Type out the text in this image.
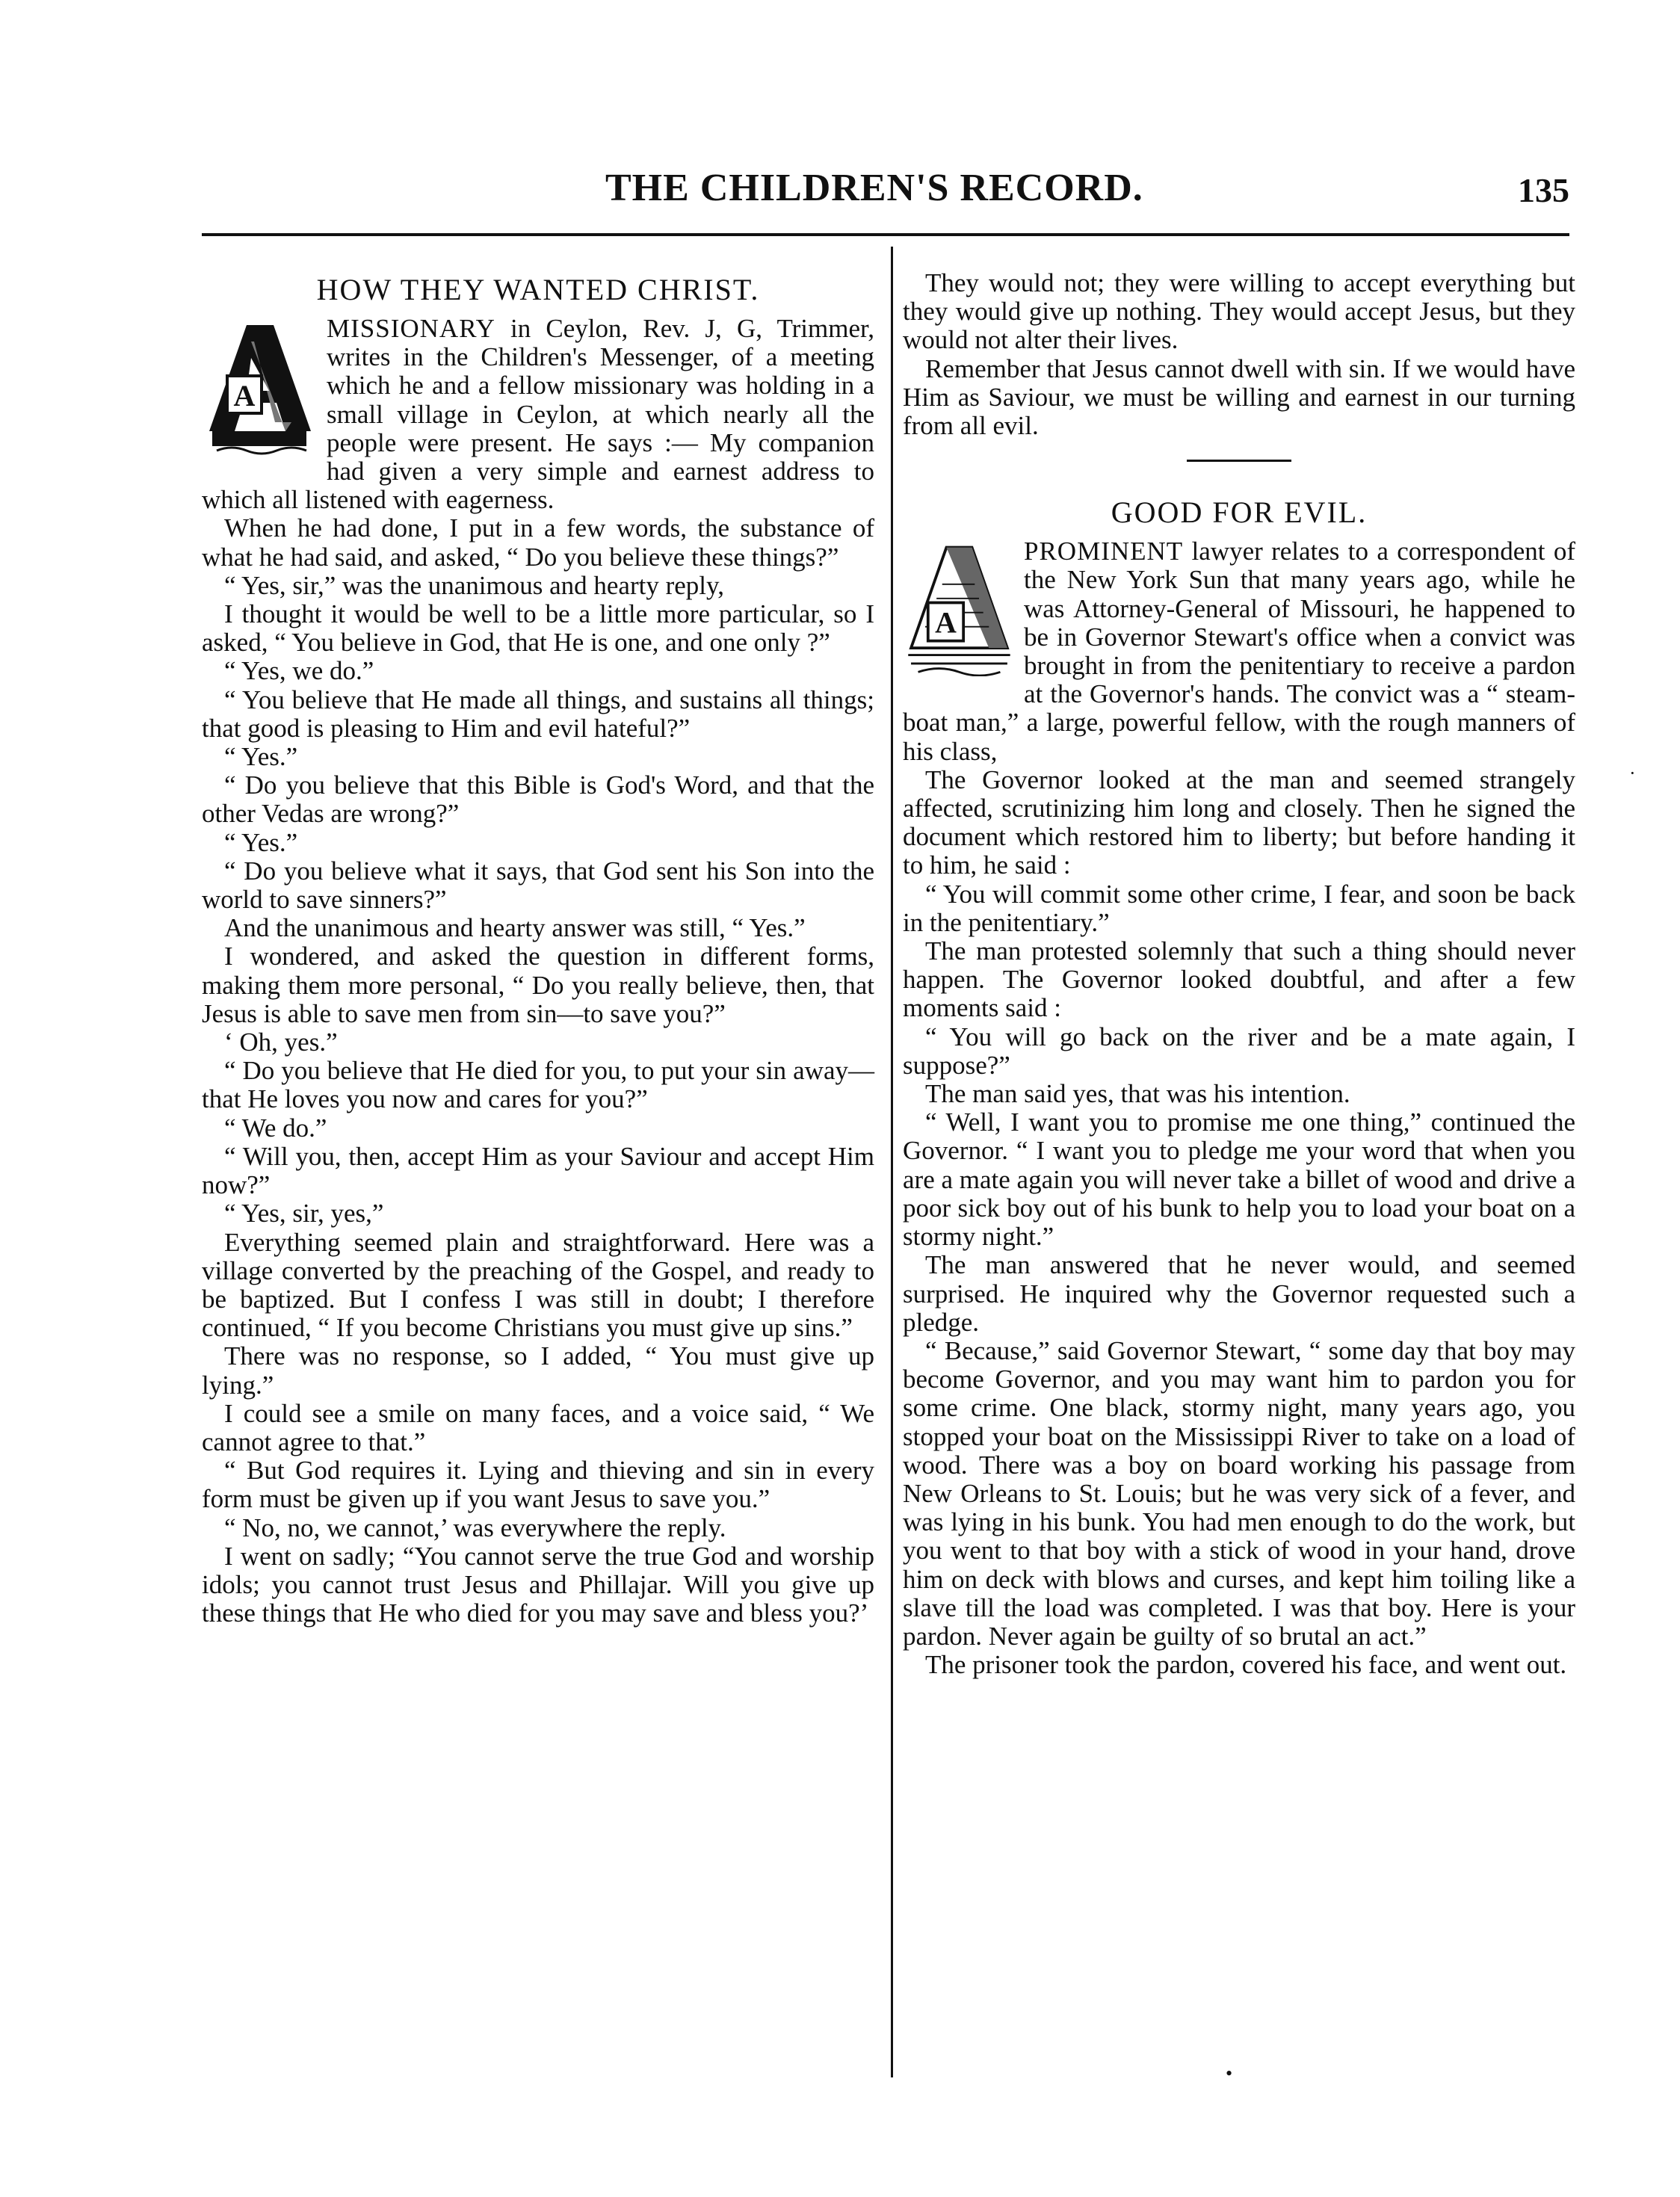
THE CHILDREN'S RECORD.	135
HOW THEY WANTED CHRIST.
A

MISSIONARY in Ceylon, Rev. J, G, Trimmer, writes in the Children's Messenger, of a meeting which he and a fellow missionary was holding in a small village in Ceylon, at which nearly all the people were present. He says :— My companion had given a very simple and earnest address to which all listened with eagerness.

When he had done, I put in a few words, the substance of what he had said, and asked, “ Do you believe these things?”

“ Yes, sir,” was the unanimous and hearty reply,

I thought it would be well to be a little more particular, so I asked, “ You believe in God, that He is one, and one only ?”

“ Yes, we do.”

“ You believe that He made all things, and sustains all things; that good is pleasing to Him and evil hateful?”

“ Yes.”

“ Do you believe that this Bible is God's Word, and that the other Vedas are wrong?”

“ Yes.”

“ Do you believe what it says, that God sent his Son into the world to save sinners?”

And the unanimous and hearty answer was still, “ Yes.”

I wondered, and asked the question in different forms, making them more personal, “ Do you really believe, then, that Jesus is able to save men from sin—to save you?”

‘ Oh, yes.”

“ Do you believe that He died for you, to put your sin away—that He loves you now and cares for you?”

“ We do.”

“ Will you, then, accept Him as your Saviour and accept Him now?”

“ Yes, sir, yes,”

Everything seemed plain and straightforward. Here was a village converted by the preaching of the Gospel, and ready to be baptized. But I confess I was still in doubt; I therefore continued, “ If you become Christians you must give up sins.”

There was no response, so I added, “ You must give up lying.”

I could see a smile on many faces, and a voice said, “ We cannot agree to that.”

“ But God requires it. Lying and thieving and sin in every form must be given up if you want Jesus to save you.”

“ No, no, we cannot,’ was everywhere the reply.

I went on sadly; “You cannot serve the true God and worship idols; you cannot trust Jesus and Phillajar. Will you give up these things that He who died for you may save and bless you?’

They would not; they were willing to accept everything but they would give up nothing. They would accept Jesus, but they would not alter their lives.

Remember that Jesus cannot dwell with sin. If we would have Him as Saviour, we must be willing and earnest in our turning from all evil.

GOOD FOR EVIL.
A

PROMINENT lawyer relates to a correspondent of the New York Sun that many years ago, while he was Attorney-General of Missouri, he happened to be in Governor Stewart's office when a convict was brought in from the penitentiary to receive a pardon at the Governor's hands. The convict was a “ steam-boat man,” a large, powerful fellow, with the rough manners of his class,

The Governor looked at the man and seemed strangely affected, scrutinizing him long and closely. Then he signed the document which restored him to liberty; but before handing it to him, he said :

“ You will commit some other crime, I fear, and soon be back in the penitentiary.”

The man protested solemnly that such a thing should never happen. The Governor looked doubtful, and after a few moments said :

“ You will go back on the river and be a mate again, I suppose?”

The man said yes, that was his intention.

“ Well, I want you to promise me one thing,” continued the Governor. “ I want you to pledge me your word that when you are a mate again you will never take a billet of wood and drive a poor sick boy out of his bunk to help you to load your boat on a stormy night.”

The man answered that he never would, and seemed surprised. He inquired why the Governor requested such a pledge.

“ Because,” said Governor Stewart, “ some day that boy may become Governor, and you may want him to pardon you for some crime. One black, stormy night, many years ago, you stopped your boat on the Mississippi River to take on a load of wood. There was a boy on board working his passage from New Orleans to St. Louis; but he was very sick of a fever, and was lying in his bunk. You had men enough to do the work, but you went to that boy with a stick of wood in your hand, drove him on deck with blows and curses, and kept him toiling like a slave till the load was completed. I was that boy. Here is your pardon. Never again be guilty of so brutal an act.”

The prisoner took the pardon, covered his face, and went out.

·
•
